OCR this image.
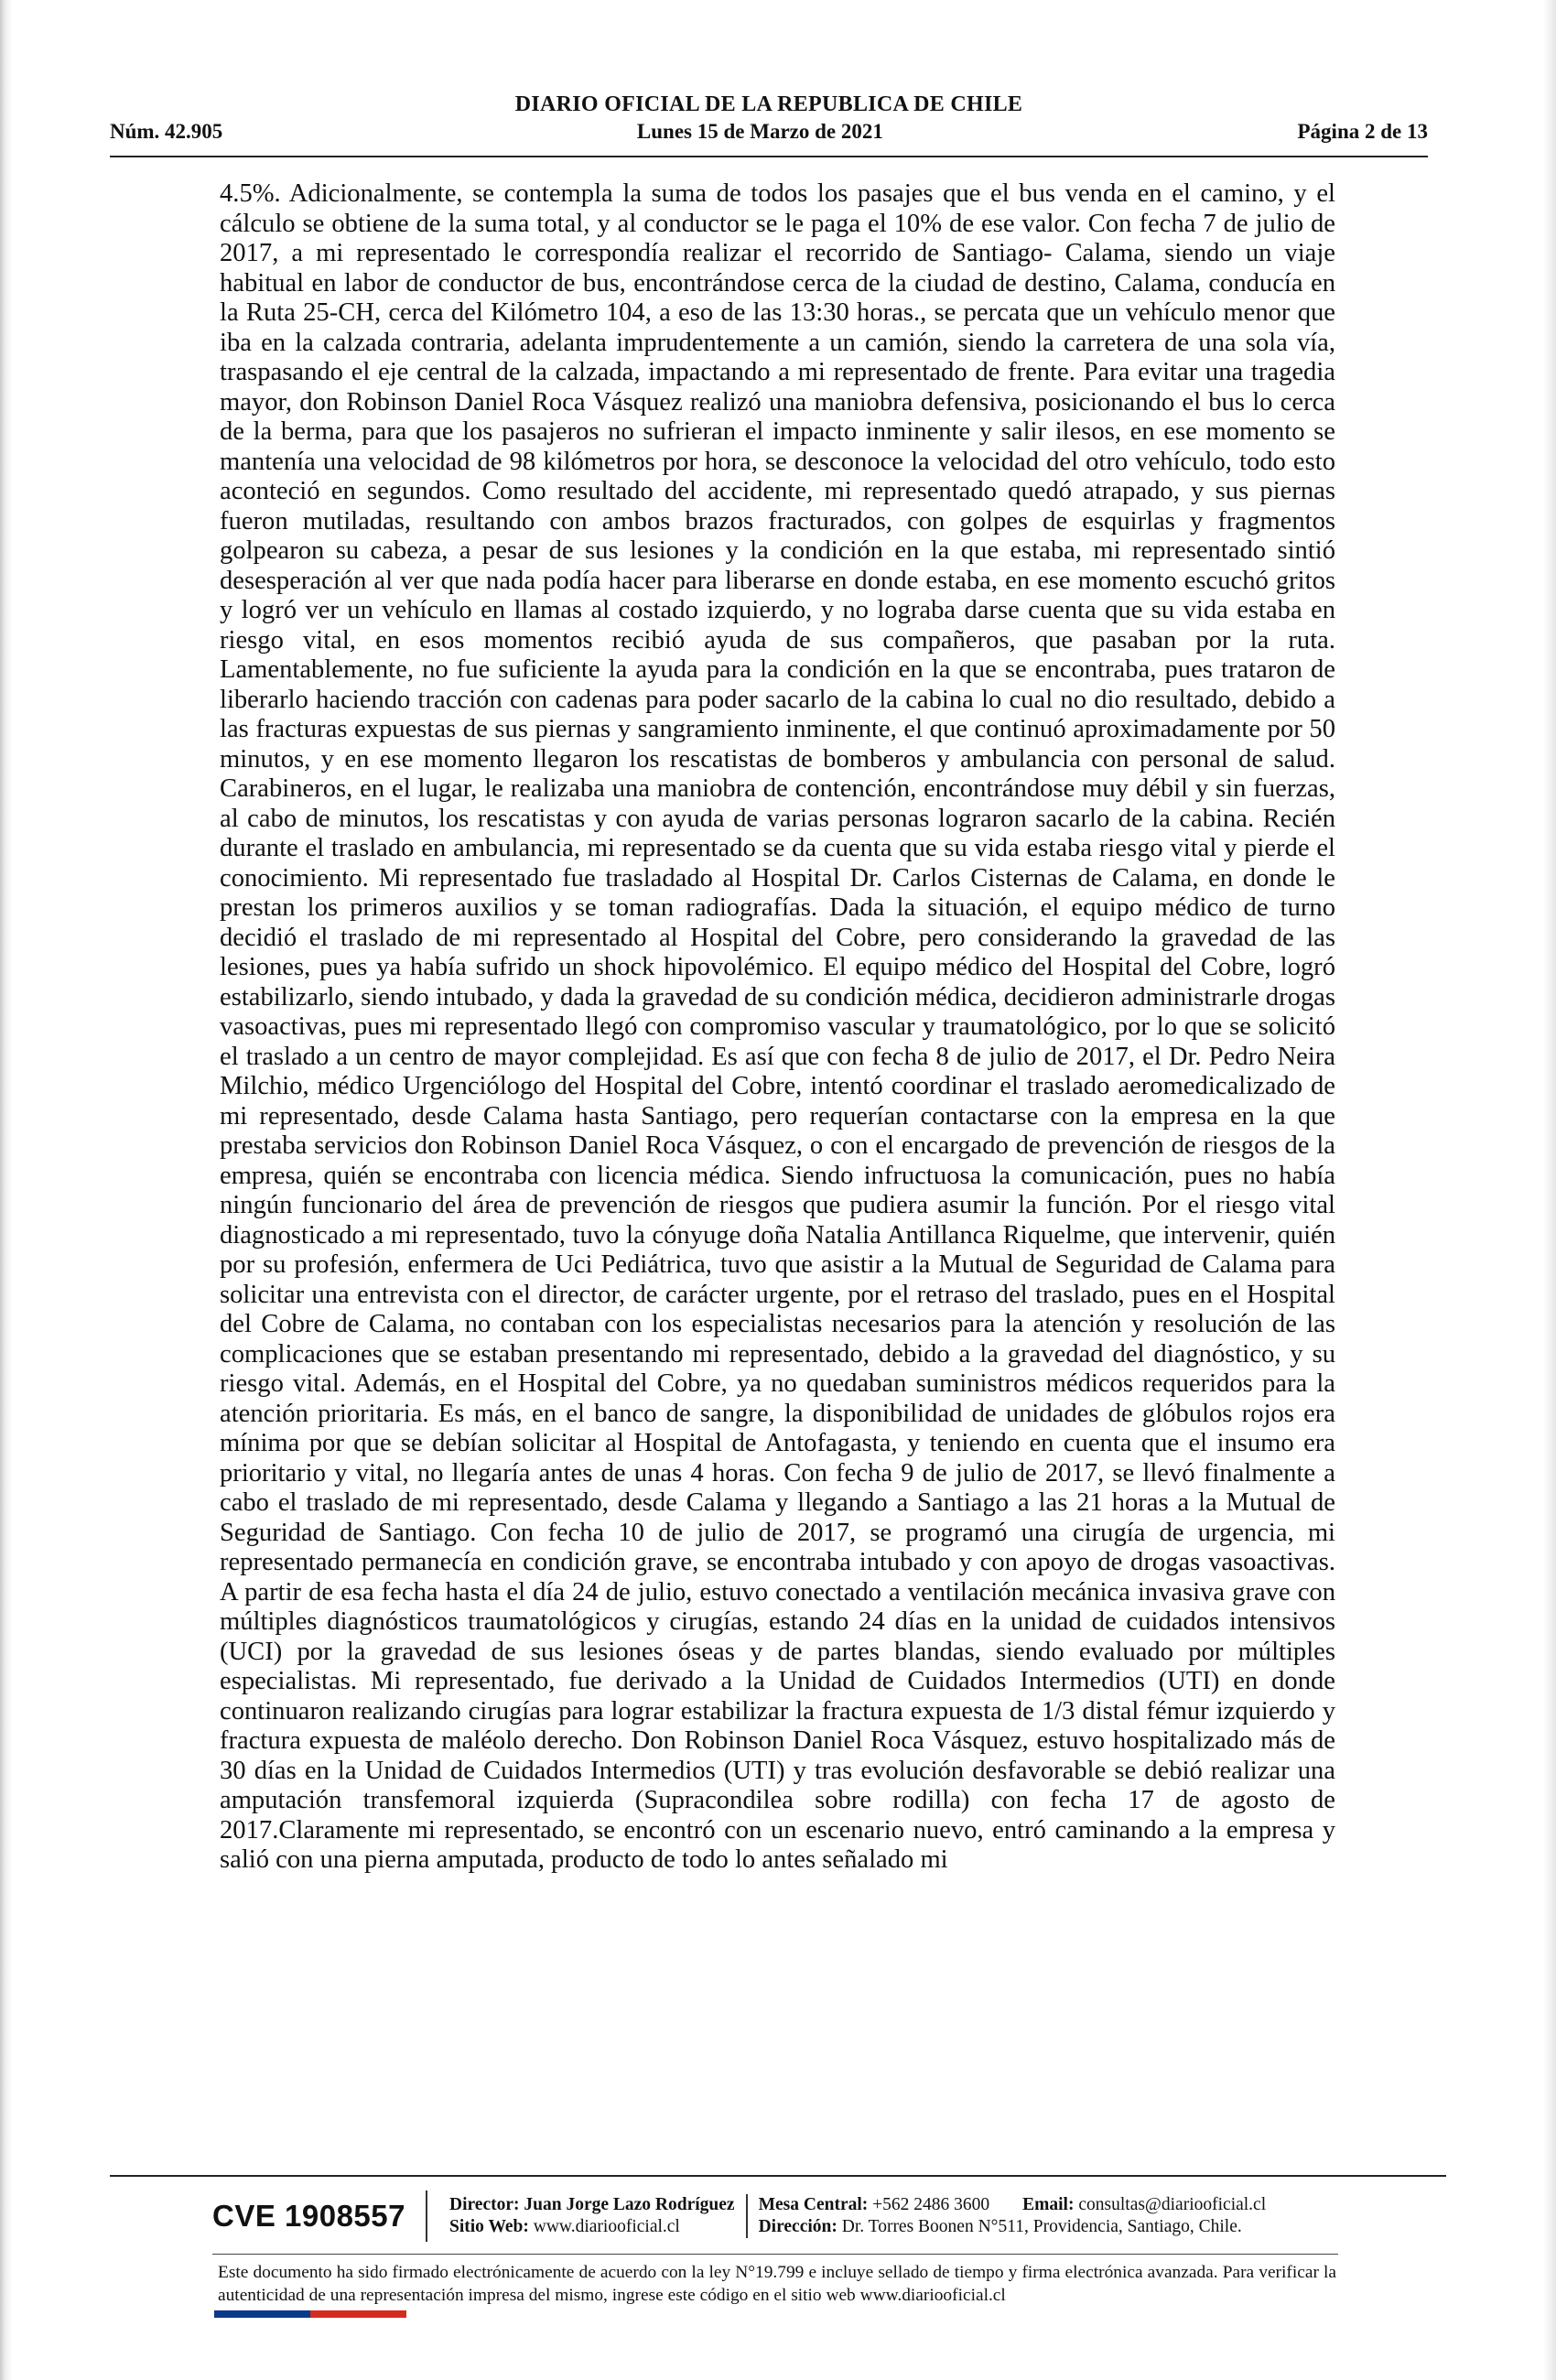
DIARIO OFICIAL DE LA REPUBLICA DE CHILE
Núm. 42.905	Lunes 15 de Marzo de 2021	Página 2 de 13
4.5%. Adicionalmente, se contempla la suma de todos los pasajes que el bus venda en el camino, y el cálculo se obtiene de la suma total, y al conductor se le paga el 10% de ese valor. Con fecha 7 de julio de 2017, a mi representado le correspondía realizar el recorrido de Santiago- Calama, siendo un viaje habitual en labor de conductor de bus, encontrándose cerca de la ciudad de destino, Calama, conducía en la Ruta 25-CH, cerca del Kilómetro 104, a eso de las 13:30 horas., se percata que un vehículo menor que iba en la calzada contraria, adelanta imprudentemente a un camión, siendo la carretera de una sola vía, traspasando el eje central de la calzada, impactando a mi representado de frente. Para evitar una tragedia mayor, don Robinson Daniel Roca Vásquez realizó una maniobra defensiva, posicionando el bus lo cerca de la berma, para que los pasajeros no sufrieran el impacto inminente y salir ilesos, en ese momento se mantenía una velocidad de 98 kilómetros por hora, se desconoce la velocidad del otro vehículo, todo esto aconteció en segundos. Como resultado del accidente, mi representado quedó atrapado, y sus piernas fueron mutiladas, resultando con ambos brazos fracturados, con golpes de esquirlas y fragmentos golpearon su cabeza, a pesar de sus lesiones y la condición en la que estaba, mi representado sintió desesperación al ver que nada podía hacer para liberarse en donde estaba, en ese momento escuchó gritos y logró ver un vehículo en llamas al costado izquierdo, y no lograba darse cuenta que su vida estaba en riesgo vital, en esos momentos recibió ayuda de sus compañeros, que pasaban por la ruta. Lamentablemente, no fue suficiente la ayuda para la condición en la que se encontraba, pues trataron de liberarlo haciendo tracción con cadenas para poder sacarlo de la cabina lo cual no dio resultado, debido a las fracturas expuestas de sus piernas y sangramiento inminente, el que continuó aproximadamente por 50 minutos, y en ese momento llegaron los rescatistas de bomberos y ambulancia con personal de salud. Carabineros, en el lugar, le realizaba una maniobra de contención, encontrándose muy débil y sin fuerzas, al cabo de minutos, los rescatistas y con ayuda de varias personas lograron sacarlo de la cabina. Recién durante el traslado en ambulancia, mi representado se da cuenta que su vida estaba riesgo vital y pierde el conocimiento. Mi representado fue trasladado al Hospital Dr. Carlos Cisternas de Calama, en donde le prestan los primeros auxilios y se toman radiografías. Dada la situación, el equipo médico de turno decidió el traslado de mi representado al Hospital del Cobre, pero considerando la gravedad de las lesiones, pues ya había sufrido un shock hipovolémico. El equipo médico del Hospital del Cobre, logró estabilizarlo, siendo intubado, y dada la gravedad de su condición médica, decidieron administrarle drogas vasoactivas, pues mi representado llegó con compromiso vascular y traumatológico, por lo que se solicitó el traslado a un centro de mayor complejidad. Es así que con fecha 8 de julio de 2017, el Dr. Pedro Neira Milchio, médico Urgenciólogo del Hospital del Cobre, intentó coordinar el traslado aeromedicalizado de mi representado, desde Calama hasta Santiago, pero requerían contactarse con la empresa en la que prestaba servicios don Robinson Daniel Roca Vásquez, o con el encargado de prevención de riesgos de la empresa, quién se encontraba con licencia médica. Siendo infructuosa la comunicación, pues no había ningún funcionario del área de prevención de riesgos que pudiera asumir la función. Por el riesgo vital diagnosticado a mi representado, tuvo la cónyuge doña Natalia Antillanca Riquelme, que intervenir, quién por su profesión, enfermera de Uci Pediátrica, tuvo que asistir a la Mutual de Seguridad de Calama para solicitar una entrevista con el director, de carácter urgente, por el retraso del traslado, pues en el Hospital del Cobre de Calama, no contaban con los especialistas necesarios para la atención y resolución de las complicaciones que se estaban presentando mi representado, debido a la gravedad del diagnóstico, y su riesgo vital. Además, en el Hospital del Cobre, ya no quedaban suministros médicos requeridos para la atención prioritaria. Es más, en el banco de sangre, la disponibilidad de unidades de glóbulos rojos era mínima por que se debían solicitar al Hospital de Antofagasta, y teniendo en cuenta que el insumo era prioritario y vital, no llegaría antes de unas 4 horas. Con fecha 9 de julio de 2017, se llevó finalmente a cabo el traslado de mi representado, desde Calama y llegando a Santiago a las 21 horas a la Mutual de Seguridad de Santiago. Con fecha 10 de julio de 2017, se programó una cirugía de urgencia, mi representado permanecía en condición grave, se encontraba intubado y con apoyo de drogas vasoactivas. A partir de esa fecha hasta el día 24 de julio, estuvo conectado a ventilación mecánica invasiva grave con múltiples diagnósticos traumatológicos y cirugías, estando 24 días en la unidad de cuidados intensivos (UCI) por la gravedad de sus lesiones óseas y de partes blandas, siendo evaluado por múltiples especialistas. Mi representado, fue derivado a la Unidad de Cuidados Intermedios (UTI) en donde continuaron realizando cirugías para lograr estabilizar la fractura expuesta de 1/3 distal fémur izquierdo y fractura expuesta de maléolo derecho. Don Robinson Daniel Roca Vásquez, estuvo hospitalizado más de 30 días en la Unidad de Cuidados Intermedios (UTI) y tras evolución desfavorable se debió realizar una amputación transfemoral izquierda (Supracondilea sobre rodilla) con fecha 17 de agosto de 2017.Claramente mi representado, se encontró con un escenario nuevo, entró caminando a la empresa y salió con una pierna amputada, producto de todo lo antes señalado mi
CVE 1908557	Director: Juan Jorge Lazo Rodríguez
Sitio Web: www.diariooficial.cl
Mesa Central: +562 2486 3600 Email: consultas@diariooficial.cl
Dirección: Dr. Torres Boonen N°511, Providencia, Santiago, Chile.
Este documento ha sido firmado electrónicamente de acuerdo con la ley N°19.799 e incluye sellado de tiempo y firma electrónica avanzada. Para verificar la autenticidad de una representación impresa del mismo, ingrese este código en el sitio web www.diariooficial.cl
